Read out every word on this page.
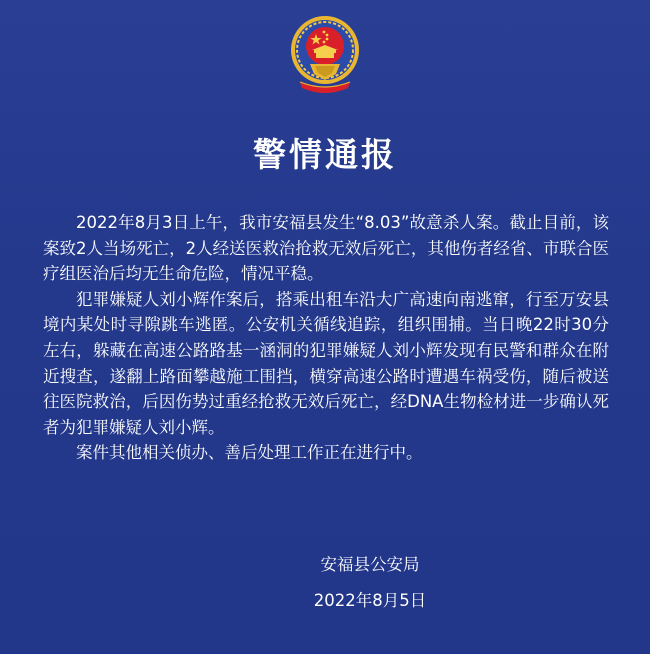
警情通报

2022年8月3日上午，我市安福县发生“8.03”故意杀人案。截止目前，该案致2人当场死亡，2人经送医救治抢救无效后死亡，其他伤者经省、市联合医疗组医治后均无生命危险，情况平稳。

犯罪嫌疑人刘小辉作案后，搭乘出租车沿大广高速向南逃窜，行至万安县境内某处时寻隙跳车逃匿。公安机关循线追踪，组织围捕。当日晚22时30分左右，躲藏在高速公路路基一涵洞的犯罪嫌疑人刘小辉发现有民警和群众在附近搜查，遂翻上路面攀越施工围挡，横穿高速公路时遭遇车祸受伤，随后被送往医院救治，后因伤势过重经抢救无效后死亡，经DNA生物检材进一步确认死者为犯罪嫌疑人刘小辉。

案件其他相关侦办、善后处理工作正在进行中。

安福县公安局
2022年8月5日
